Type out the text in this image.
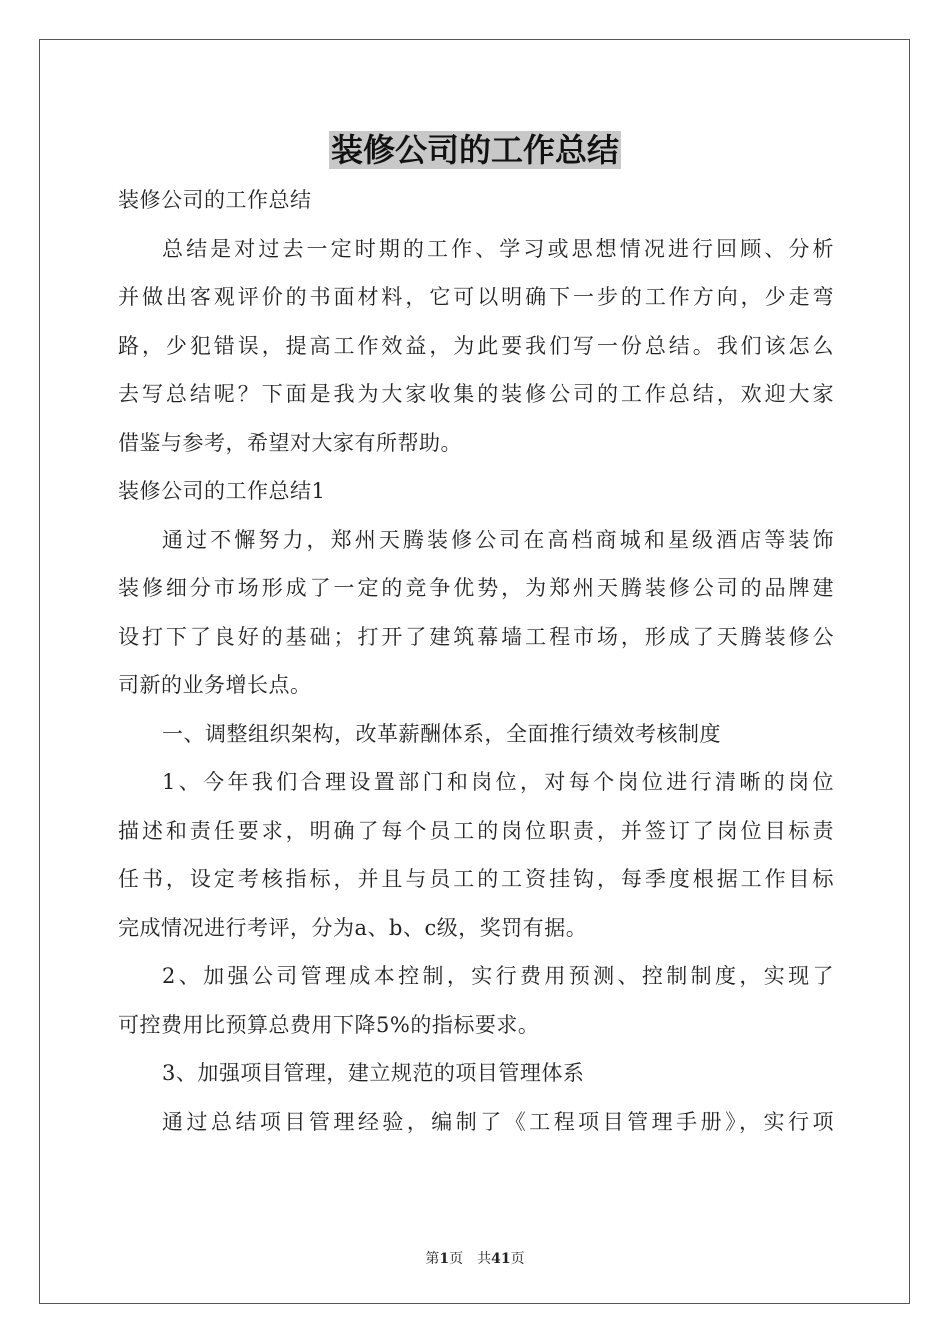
装修公司的工作总结
装修公司的工作总结
总结是对过去一定时期的工作、学习或思想情况进行回顾、分析
并做出客观评价的书面材料，它可以明确下一步的工作方向，少走弯
路，少犯错误，提高工作效益，为此要我们写一份总结。我们该怎么
去写总结呢？下面是我为大家收集的装修公司的工作总结，欢迎大家
借鉴与参考，希望对大家有所帮助。
装修公司的工作总结1
通过不懈努力，郑州天腾装修公司在高档商城和星级酒店等装饰
装修细分市场形成了一定的竞争优势，为郑州天腾装修公司的品牌建
设打下了良好的基础；打开了建筑幕墙工程市场，形成了天腾装修公
司新的业务增长点。
一、调整组织架构，改革薪酬体系，全面推行绩效考核制度
1、今年我们合理设置部门和岗位，对每个岗位进行清晰的岗位
描述和责任要求，明确了每个员工的岗位职责，并签订了岗位目标责
任书，设定考核指标，并且与员工的工资挂钩，每季度根据工作目标
完成情况进行考评，分为a、b、c级，奖罚有据。
2、加强公司管理成本控制，实行费用预测、控制制度，实现了
可控费用比预算总费用下降5%的指标要求。
3、加强项目管理，建立规范的项目管理体系
通过总结项目管理经验，编制了《工程项目管理手册》，实行项
第1页　共41页
